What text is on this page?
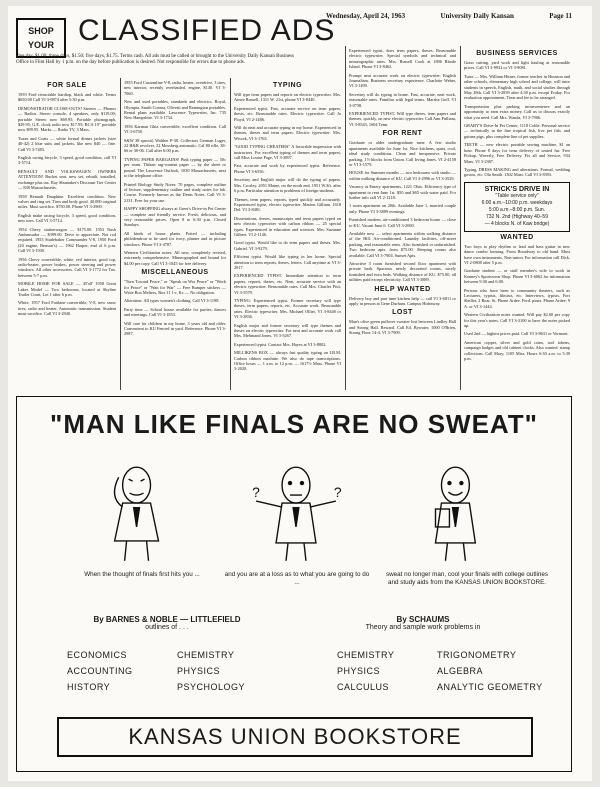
SHOP
YOUR CLASSIFIED ADS
Wednesday, April 24, 1963	University Daily Kansan	Page 11
One day, $1.00; three days, $1.50; five days, $1.75. Terms cash. All ads must be called or brought to the University Daily Kansan Business Office in Flint Hall by 1 p.m. on the day before publication is desired. Not responsible for errors due to phone ads.
FOR SALE

1959 Ford retractable hardtop, black and white. Terms $650.00 Call VI 3-9874 after 5:30 p.m.

DEMONSTRATOR CLOSE-OUTS! Stereos — Phonos — Radios. Stereo console, 4 speakers, only $119.00; portable Stereo now $69.95; Portable phonograph, $29.95; G.E. clock radio now $17.95; RCA 19" portable now $99.95. Marks — Radio TV, 3 Mass.

Tuxes and Coats — white formal dinner jackets (size 40-42) 2 blue suits and jackets, like new $40 — fine. Call VI 3-7483.

English racing bicycle, 3 speed, good condition, call VI 3-5714.

RENAULT AND VOLKSWAGEN OWNERS ATTENTION! Bucket seat, new set, rebuilt, installed, exchange plus tax. Ray Shumaker's Discount Tire Center — 838 Massachusetts.

1958 Renault Dauphine. Excellent condition. New valves and ring set. Tires and body good. 40,000 original miles. Must sacrifice. $750.00. Phone VI 3-2969.

English make racing bicycle, 3 speed, good condition, new tires. Call VI 3-5714.

1954 Chevy stationwagon — $175.00. 1953 Nash Ambassador — $399.00. Drive to appreciate. Not rod required. 1953 Studebaker Commander V-8, 1950 Ford (20 engine, Benson's) — 1962 Harper, end of 6 p.m. Call VI 3-1930.

1956 Chevy convertible, white, red interior, good top, radio-heater, power brakes, power steering and power windows. All other accessories. Call VI 3-1772 for Tax. between 5-7 p.m.

MOBILE HOME FOR SALE — 45'x8' 1958 Great Lakes Model — Two bedrooms, located at Skyline Trailer Court, Lot 1 after 6 p.m.

White, 1957 Ford Fairlane convertible, V-8, new snow tires, radio and heater. Automatic transmission. Student must sacrifice. Call VI 3-2940.

1955 Ford Customline V-8, radio, heater, overdrive, 3 tires, new interior, recently overhauled, engine, $140. VI 3-7060.

New and used portables, standards and electrics. Royal, Olympia, Smith Corona, Olivetti and Remington portables. Rental plans available. Lawrence Typewriter, Inc. 735 New Hampshire. VI 3-1734.

1956 Karman Ghia convertible, excellent condition. Call VI 3-6758.

S&W 38 special, Walther P-38. Collectors German Luger, 22 H&R revolver, 22 Mossberg automatic. Cal 80 rifle, 38-66 er 30-06. Call after 6:00 p.m.

TYPING PAPER BARGAINS! Pink typing paper — 50c per ream. Thiken rag-content paper — by the sheet or pound. The Lawrence Outlook, 1030 Massachusetts, next to the telephone office.

Printed Biology Study Notes: 70 pages, complete outline of lecture, supplementary outline and study notes for lab. Course. Formerly known as the Dents Notes. Call VI 3-2131. Free for your use.

HAPPY SHOPPING always at Greer's Drive-in Pet Center — complete and friendly service. Fresh, delicious, and very reasonable prices. Open 8 to 6:30 p.m. Closed Sundays.

All kinds of house plants. Potted — including philodendron to be used for ivory, planter and in picture windows. Phone VI 3-4787.

Western Civilization notes. All new, completely revised, extremely comprehensive. Mimeographed and bound for $4.00 per copy. Call VI 3-1045 for free delivery.

MISCELLANEOUS

"Turn Toward Peace," or "Speak on Wor Peace" or "Work for Peace" or "Wait for War" — Free Bumper stickers — Write Box Melters, Box 11 1-r, Kc — No obligation.

Alteration: All types women's clothing. Call VI 3-1198.

Party time — School house available for parties, dances and meetings. Call VI 3-1853.

Will care for children in my home, 3 years old and older. Convenient to KU Fenced in yard. Reference. Phone VI 3-2987.

TYPING

Will type term papers and reports on electric typewriter. Mrs. Arnoe Russell, 1311 W. 21st, phone VI 3-8440.

Experienced typist. Fast, accurate service on term papers, thesis, etc. Reasonable rates. Electric typewriter. Call Jo Floyd, VI 2-1486.

Will do neat and accurate typing in my home. Experienced in themes, theses and term papers. Electric typewriter. Mrs. Wiscek, VI 3-1763.

"GOOD TYPING CHEATERS" A favorable impression with instructors. For excellent typing of themes and term papers, call Miss Louise Page, VI 3-3897.

Fast, accurate and work by experienced typist. Reference. Phone VI 3-6556.

Secretary and English major will do the typing of papers. Mrs. Crosley, 2051 Maine, on the north end, 1951 W.3ft. after 6 p.m. Particular attention to problems of foreign students.

Themes, term papers, reports, typed quickly and accurately. Experienced typist, electric typewriter. Marion Gilliam. 1618 Del. VI 3-8481.

Dissertations, theses, manuscripts and term papers typed on new electric typewriter with carbon ribbon — 25 special types. Experienced in education and sciences. Mrs. Suzanne Gilbert. VI 2-1146.

Good typist. Would like to do term papers and theses. Mrs. Gabriel. VI 3-9279.

Efficient typist. Would like typing in her home. Special attention to term reports, theses, letters. Call anytime at VI 3-2917.

EXPERIENCED TYPIST. Immediate attention to term papers, reports, theses, etc. Neat, accurate service with an electric typewriter. Reasonable rates. Call Mrs. Charles Pitti, VI 3-5579.

TYPING: Experienced typist. Former secretary will type theses, term papers, reports, etc. Accurate work. Reasonable rates. Electric typewriter. Mrs. Michael Ollier, VI 3-8448 or VI 3-3836.

English major and former secretary will type themes and theses on electric typewriter. For neat and accurate work call Mrs. Mehmand Jones, VI 3-5267.

Experienced typist. Contact Mrs. Hayes at VI 3-8802.

MILLIKENS BOX — always fast quality typing on I.B.M. Carbon ribbon machine. We also do tape transcriptions. Office hours — 1 a.m. to 12 p.m. — 1617½ Mass. Phone VI 3-2020.

Experienced typist, does term papers, theses. Reasonable electric typewriter. Special symbols and technical and mimeographic rates. Mrs. Russell Cook at 1806 Rhode Island. Phone VI 3-8462.

Prompt neat accurate work on electric typewriter. English Journalism. Business secretary experience. Charlotte Weber, VI 3-1499.

Secretary will do typing in home. Fast, accurate, neat work, reasonable rates. Familiar with legal terms. Marsha Goff. VI 3-0738.

EXPERIENCED TYPIST. Will type theses, term papers and themes, quickly, on new electric typewriter. Call Ann Pulliam, VI 3-8543, 1604 Tenn.

FOR RENT

Graduate or older undergraduate men: A few studio apartments available for June 1st. Nice kitchens, quiet, cool, ideal study conditions. Clean and inexpensive. Private parking, 1½ blocks from Union. Call Irving Jones. VI 2-4158 or VI 3-1579.

HOUSE for Summer months — two bedrooms with studio — within walking distance of KU. Call VI 3-2996 or VI 3-3529.

Vacancy at Emery apartments, 1221 Ohio. Efficiency type of apartment to rent June 1st. $50 and $65 with water paid. For further info call VI 2-1218.

1 room apartment on 20th. Available June 1, married couple only. Phone VI 3-3889 evenings.

Furnished modern, air-conditioned 3 bedroom house — close to KU. Vacant June 6. Call VI 3-2069.

Available now — select apartments within walking distance of the Hill. Air-conditioned. Laundry facilities, off-street parking, and reasonable rents. Also furnished or unfurnished. Two bedroom apts. from $75.00. Sleeping rooms also available. Call VI 3-7904. Sunset Apts.

Attractive 3 room furnished second floor apartment with private bath. Spacious newly decorated rooms, nicely furnished and twin beds. Walking distance of KU. $75.00, all utilities paid except electricity. Call VI 3-3889.

HELP WANTED

Delivery boy and part time kitchen help — call VI 3-6811 or apply in person at Gene Durham. Campus Hideaway.

LOST

Man's olive green pullover sweater lost between Lindley Hall and Strong Hall. Reward. Call Ed. Bywater, 1000 O'Brien, Strong Floor 14-4, VI 3-7909.

BUSINESS SERVICES

Grass cutting, yard work and light hauling at reasonable prices. Call VI 3-9932 or VI 3-9081.

Tutor — Mrs. William Hitner, former teacher in Houston and other schools, elementary high school and college, will tutor students in speech, English, math, and social studies through May 28th. Call VI 3-2839 after 4:30 p.m. except Friday. For evaluation appointment, Time and fee to be arranged.

Transportation plus parking inconvenience and an opportunity to earn extra money. Call us to discuss exactly what you need. Call Mrs. Wanda, VI 3-7906.

GRABY'S Drive-In Pet Center, 1118 Coble. Personal service — technically in the fine tropical fish, live pet fish, and guinea pigs, plus complete line of pet supplies.

TEETH — new electric portable sewing machine, $1 an hour. Phone 8 days for term delivery of seated fur. Free Pickup. Waverly, Free Delivery. Fix all and Service, 934 Mass. VI 3-2387.

Typing, DRESS MAKING and alterations. Formal, wedding gowns, etc. Ola Smith. 1302 Mass. Call VI 3-8393.

STRICK'S DRIVE IN
"Table service only"
6:00 a.m.–10:00 p.m. weekdays
5:00 a.m.–8:00 p.m. Sun.
732 N. 2nd (Highway 40–59
— 4 blocks N. of Kaw bridge)
WANTED

Two boys to play rhythm or lead and bass guitar in new dance combo forming. From Broadway to old band. Must have own instruments. Non-union. For information call Dick. VI 2-0808 after 5 p.m.

Graduate student — or staff member's wife to work in Kenney's Sportswear Shop. Phone VI 3-6062 for information between 9:30 and 6:00.

Persons who have been to community theaters, such as Lecturers, typists, filmists, etc. Interviews, typists, Fort Sheller, 2 Boar, St. Phone Ardee. Ford. pines. Phone Ardee: 9 A. or VI 3-1444.

Western Civilization notes wanted. Will pay $2.00 per copy for this year's notes. Call VI 3-3100 to have the notes picked up.

Used 2nd — highest prices paid. Call VI 3-8631 or Vermont.

American copper, silver and gold coins, tool tokens, campaign badges and old cabinet clocks. Also wanted: stamp collections. Call Mary, 1105 Miss. Hours 6:30 a.m. to 5:30 p.m.

"MAN LIKE FINALS ARE NO SWEAT"
?	?
When the thought of finals first hits you ...	and you are at a loss as to what you are going to do ...
sweat no longer man, cool your finals with college outlines and study aids from the KANSAS UNION BOOKSTORE.
By BARNES & NOBLE — LITTLEFIELD
outlines of . . .
By SCHAUMS
Theory and sample work problems in
ECONOMICS
ACCOUNTING
HISTORY
CHEMISTRY
PHYSICS
PSYCHOLOGY
CHEMISTRY
PHYSICS
CALCULUS
TRIGONOMETRY
ALGEBRA
ANALYTIC GEOMETRY
KANSAS UNION BOOKSTORE
